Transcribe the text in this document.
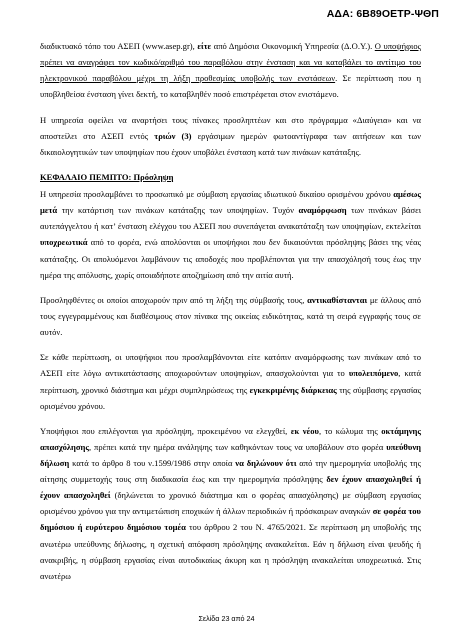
ΑΔΑ: 6Β89ΟΕΤΡ-ΨΘΠ

διαδικτυακό τόπο του ΑΣΕΠ (www.asep.gr), είτε από Δημόσια Οικονομική Υπηρεσία (Δ.Ο.Υ.). Ο υποψήφιος πρέπει να αναγράφει τον κωδικό/αριθμό του παραβόλου στην ένσταση και να καταβάλει το αντίτιμο του ηλεκτρονικού παραβόλου μέχρι τη λήξη προθεσμίας υποβολής των ενστάσεων. Σε περίπτωση που η υποβληθείσα ένσταση γίνει δεκτή, το καταβληθέν ποσό επιστρέφεται στον ενιστάμενο.

Η υπηρεσία οφείλει να αναρτήσει τους πίνακες προσληπτέων και στο πρόγραμμα «Διαύγεια» και να αποστείλει στο ΑΣΕΠ εντός τριών (3) εργάσιμων ημερών φωτοαντίγραφα των αιτήσεων και των δικαιολογητικών των υποψηφίων που έχουν υποβάλει ένσταση κατά των πινάκων κατάταξης.

ΚΕΦΑΛΑΙΟ ΠΕΜΠΤΟ: Πρόσληψη

Η υπηρεσία προσλαμβάνει το προσωπικό με σύμβαση εργασίας ιδιωτικού δικαίου ορισμένου χρόνου αμέσως μετά την κατάρτιση των πινάκων κατάταξης των υποψηφίων. Τυχόν αναμόρφωση των πινάκων βάσει αυτεπάγγελτου ή κατ’ ένσταση ελέγχου του ΑΣΕΠ που συνεπάγεται ανακατάταξη των υποψηφίων, εκτελείται υποχρεωτικά από το φορέα, ενώ απολύονται οι υποψήφιοι που δεν δικαιούνται πρόσληψης βάσει της νέας κατάταξης. Οι απολυόμενοι λαμβάνουν τις αποδοχές που προβλέπονται για την απασχόλησή τους έως την ημέρα της απόλυσης, χωρίς οποιαδήποτε αποζημίωση από την αιτία αυτή.

Προσληφθέντες οι οποίοι αποχωρούν πριν από τη λήξη της σύμβασής τους, αντικαθίστανται με άλλους από τους εγγεγραμμένους και διαθέσιμους στον πίνακα της οικείας ειδικότητας, κατά τη σειρά εγγραφής τους σε αυτόν.

Σε κάθε περίπτωση, οι υποψήφιοι που προσλαμβάνονται είτε κατόπιν αναμόρφωσης των πινάκων από το ΑΣΕΠ είτε λόγω αντικατάστασης αποχωρούντων υποψηφίων, απασχολούνται για το υπολειπόμενο, κατά περίπτωση, χρονικό διάστημα και μέχρι συμπληρώσεως της εγκεκριμένης διάρκειας της σύμβασης εργασίας ορισμένου χρόνου.

Υποψήφιοι που επιλέγονται για πρόσληψη, προκειμένου να ελεγχθεί, εκ νέου, το κώλυμα της οκτάμηνης απασχόλησης, πρέπει κατά την ημέρα ανάληψης των καθηκόντων τους να υποβάλουν στο φορέα υπεύθυνη δήλωση κατά το άρθρο 8 του ν.1599/1986 στην οποία να δηλώνουν ότι από την ημερομηνία υποβολής της αίτησης συμμετοχής τους στη διαδικασία έως και την ημερομηνία πρόσληψης δεν έχουν απασχοληθεί ή έχουν απασχοληθεί (δηλώνεται το χρονικό διάστημα και ο φορέας απασχόλησης) με σύμβαση εργασίας ορισμένου χρόνου για την αντιμετώπιση εποχικών ή άλλων περιοδικών ή πρόσκαιρων αναγκών σε φορέα του δημόσιου ή ευρύτερου δημόσιου τομέα του άρθρου 2 του Ν. 4765/2021. Σε περίπτωση μη υποβολής της ανωτέρω υπεύθυνης δήλωσης, η σχετική απόφαση πρόσληψης ανακαλείται. Εάν η δήλωση είναι ψευδής ή ανακριβής, η σύμβαση εργασίας είναι αυτοδικαίως άκυρη και η πρόσληψη ανακαλείται υποχρεωτικά. Στις ανωτέρω

Σελίδα 23 από 24
